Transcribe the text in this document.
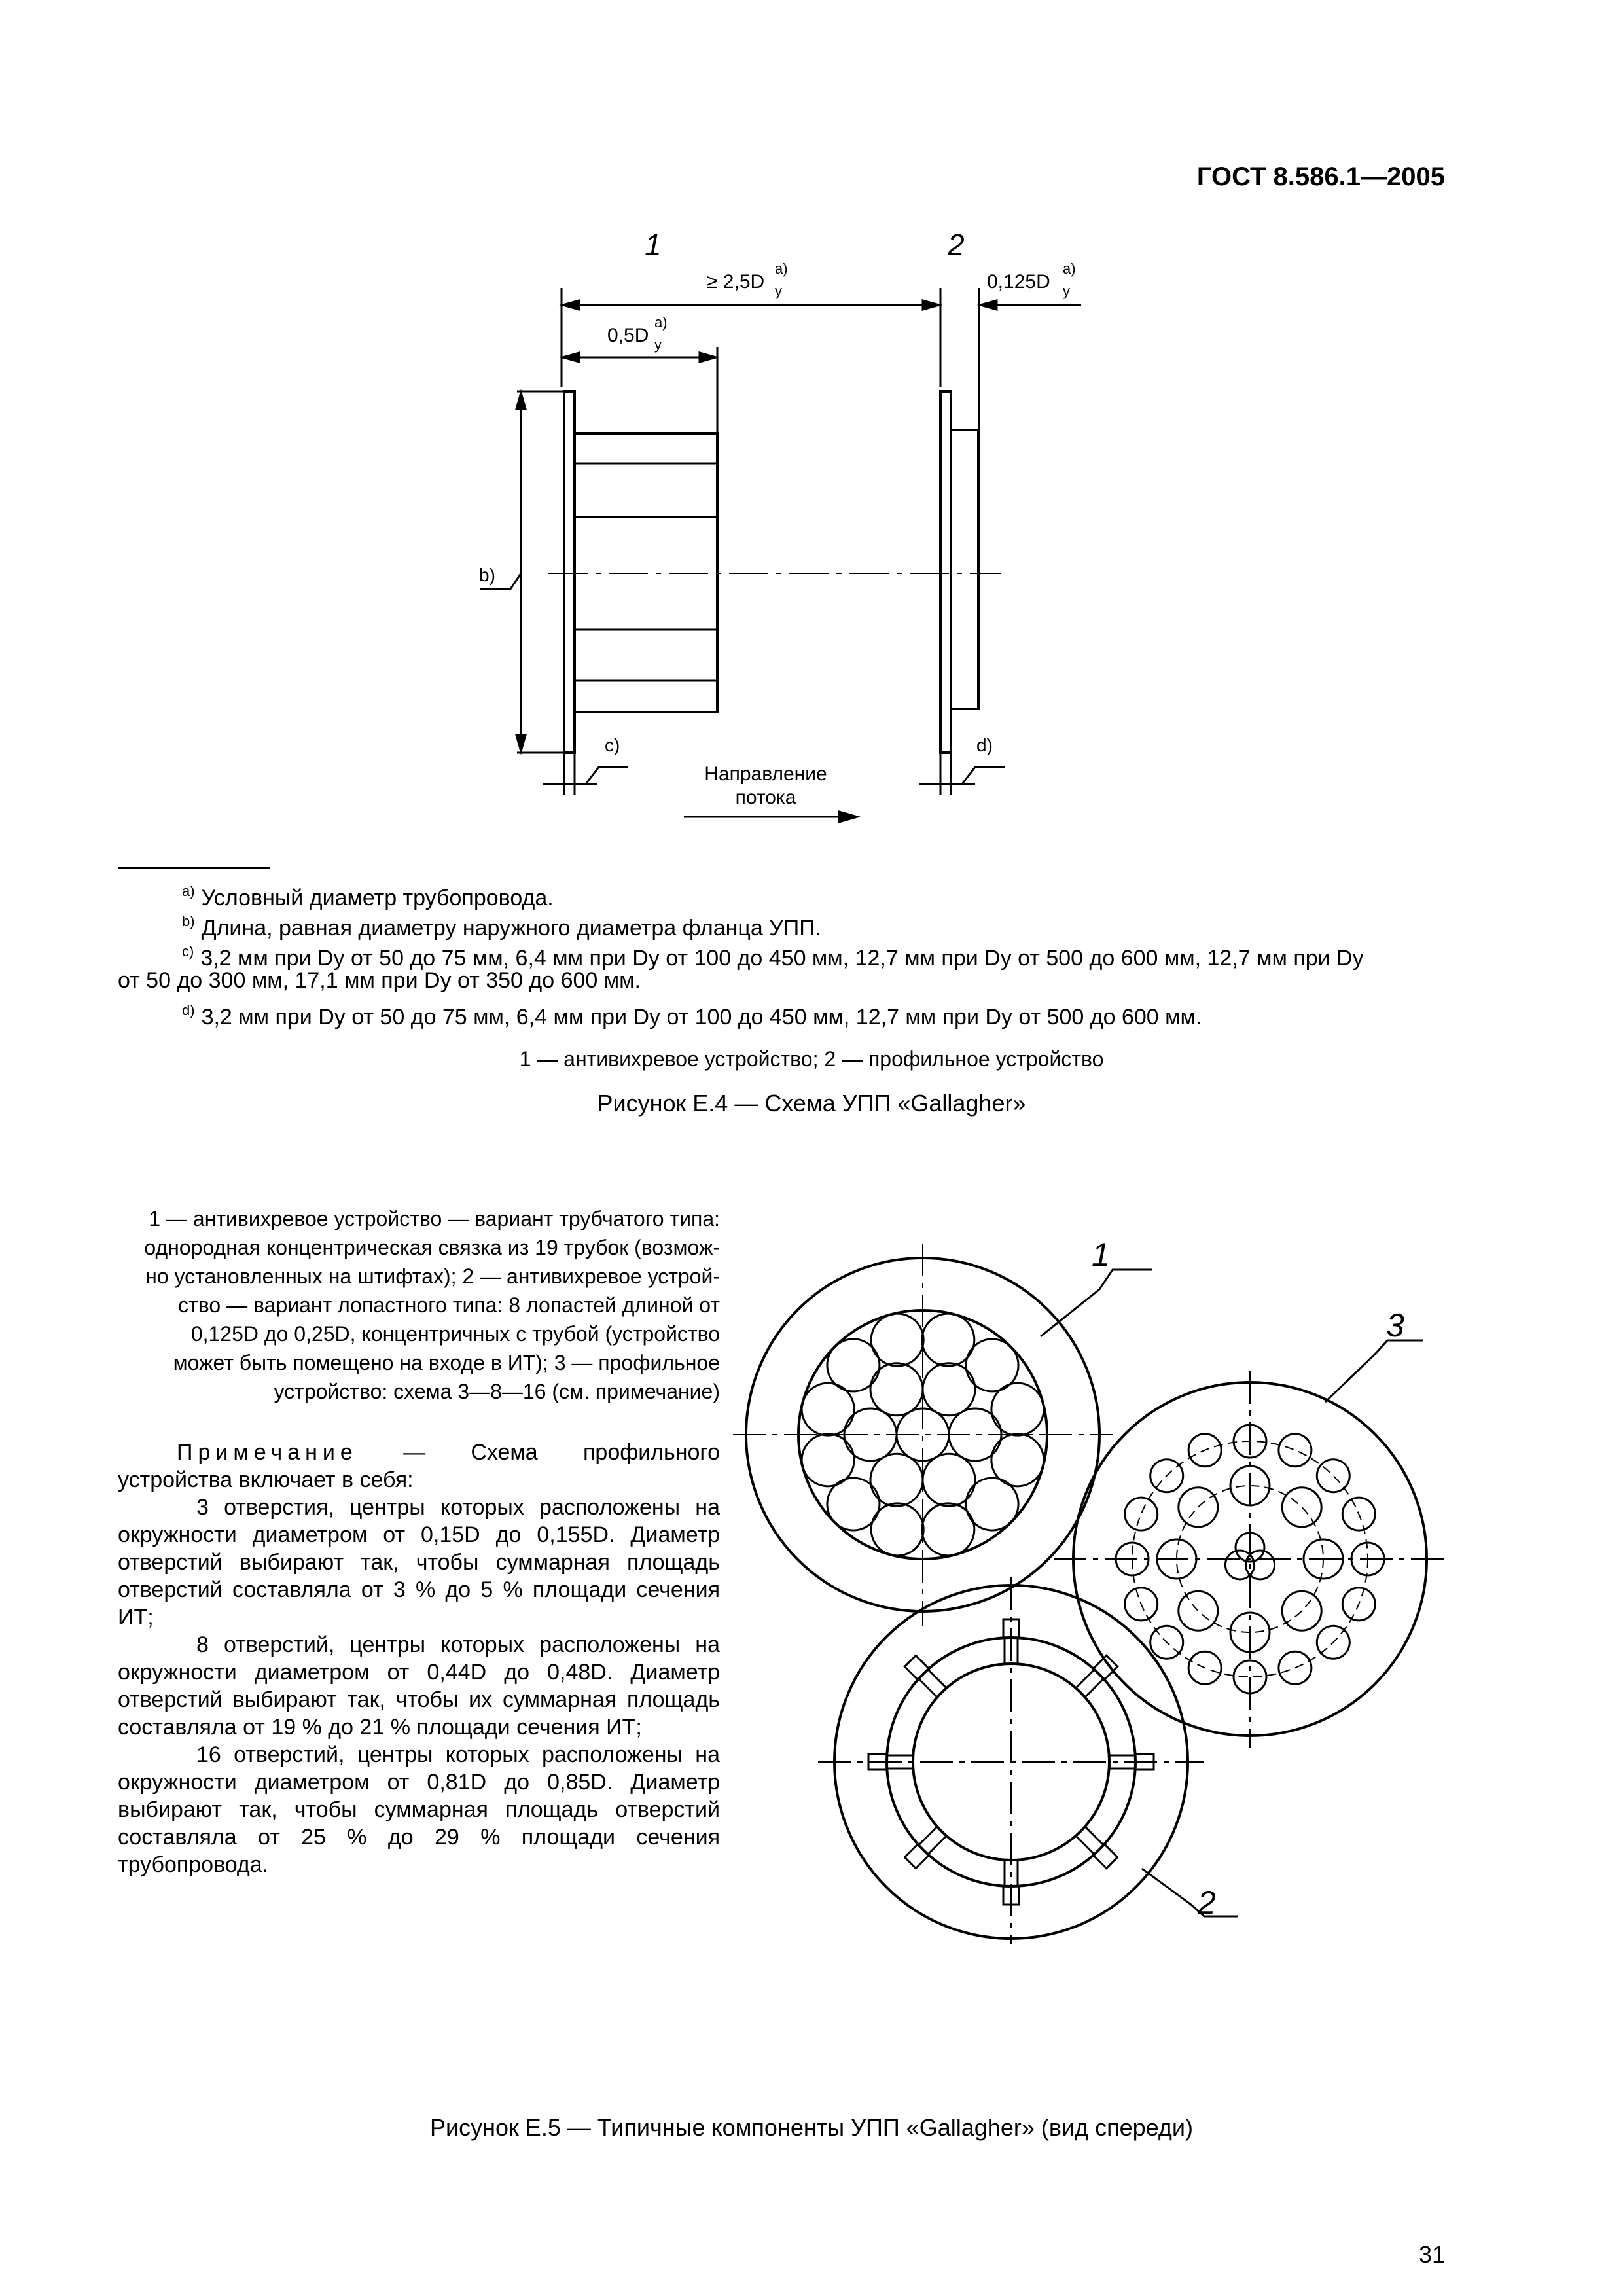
ГОСТ 8.586.1—2005
1	2
≥ 2,5D y
a)
0,5D y
a)
0,125D y
a)
b)
c)	d)
Направление
потока
$^{a)}$ Условный диаметр трубопровода.
$^{b)}$ Длина, равная диаметру наружного диаметра фланца УПП.
$^{c)}$ 3,2 мм при Dy от 50 до 75 мм, 6,4 мм при Dy от 100 до 450 мм, 12,7 мм при Dy от 500 до 600 мм, 12,7 мм при Dy
от 50 до 300 мм, 17,1 мм при Dy от 350 до 600 мм.
$^{d)}$ 3,2 мм при Dy от 50 до 75 мм, 6,4 мм при Dy от 100 до 450 мм, 12,7 мм при Dy от 500 до 600 мм.
1 — антивихревое устройство; 2 — профильное устройство
Рисунок Е.4 — Схема УПП «Gallagher»
1 — антивихревое устройство — вариант трубчатого типа:
однородная концентрическая связка из 19 трубок (возмож-
но установленных на штифтах); 2 — антивихревое устрой-
ство — вариант лопастного типа: 8 лопастей длиной от
0,125D до 0,25D, концентричных с трубой (устройство
может быть помещено на входе в ИТ); 3 — профильное
устройство: схема 3—8—16 (см. примечание)

Примечание — Схема профильного устройства включает в себя:

3 отверстия, центры которых расположены на окружности диаметром от 0,15D до 0,155D. Диаметр отверстий выбирают так, чтобы суммарная площадь отверстий составляла от 3 % до 5 % площади сечения ИТ;

8 отверстий, центры которых расположены на окружности диаметром от 0,44D до 0,48D. Диаметр отверстий выбирают так, чтобы их суммарная площадь составляла от 19 % до 21 % площади сечения ИТ;

16 отверстий, центры которых расположены на окружности диаметром от 0,81D до 0,85D. Диаметр выбирают так, чтобы суммарная площадь отверстий составляла от 25 % до 29 % площади сечения трубопровода.

1
3
2
Рисунок Е.5 — Типичные компоненты УПП «Gallagher» (вид спереди)
31
